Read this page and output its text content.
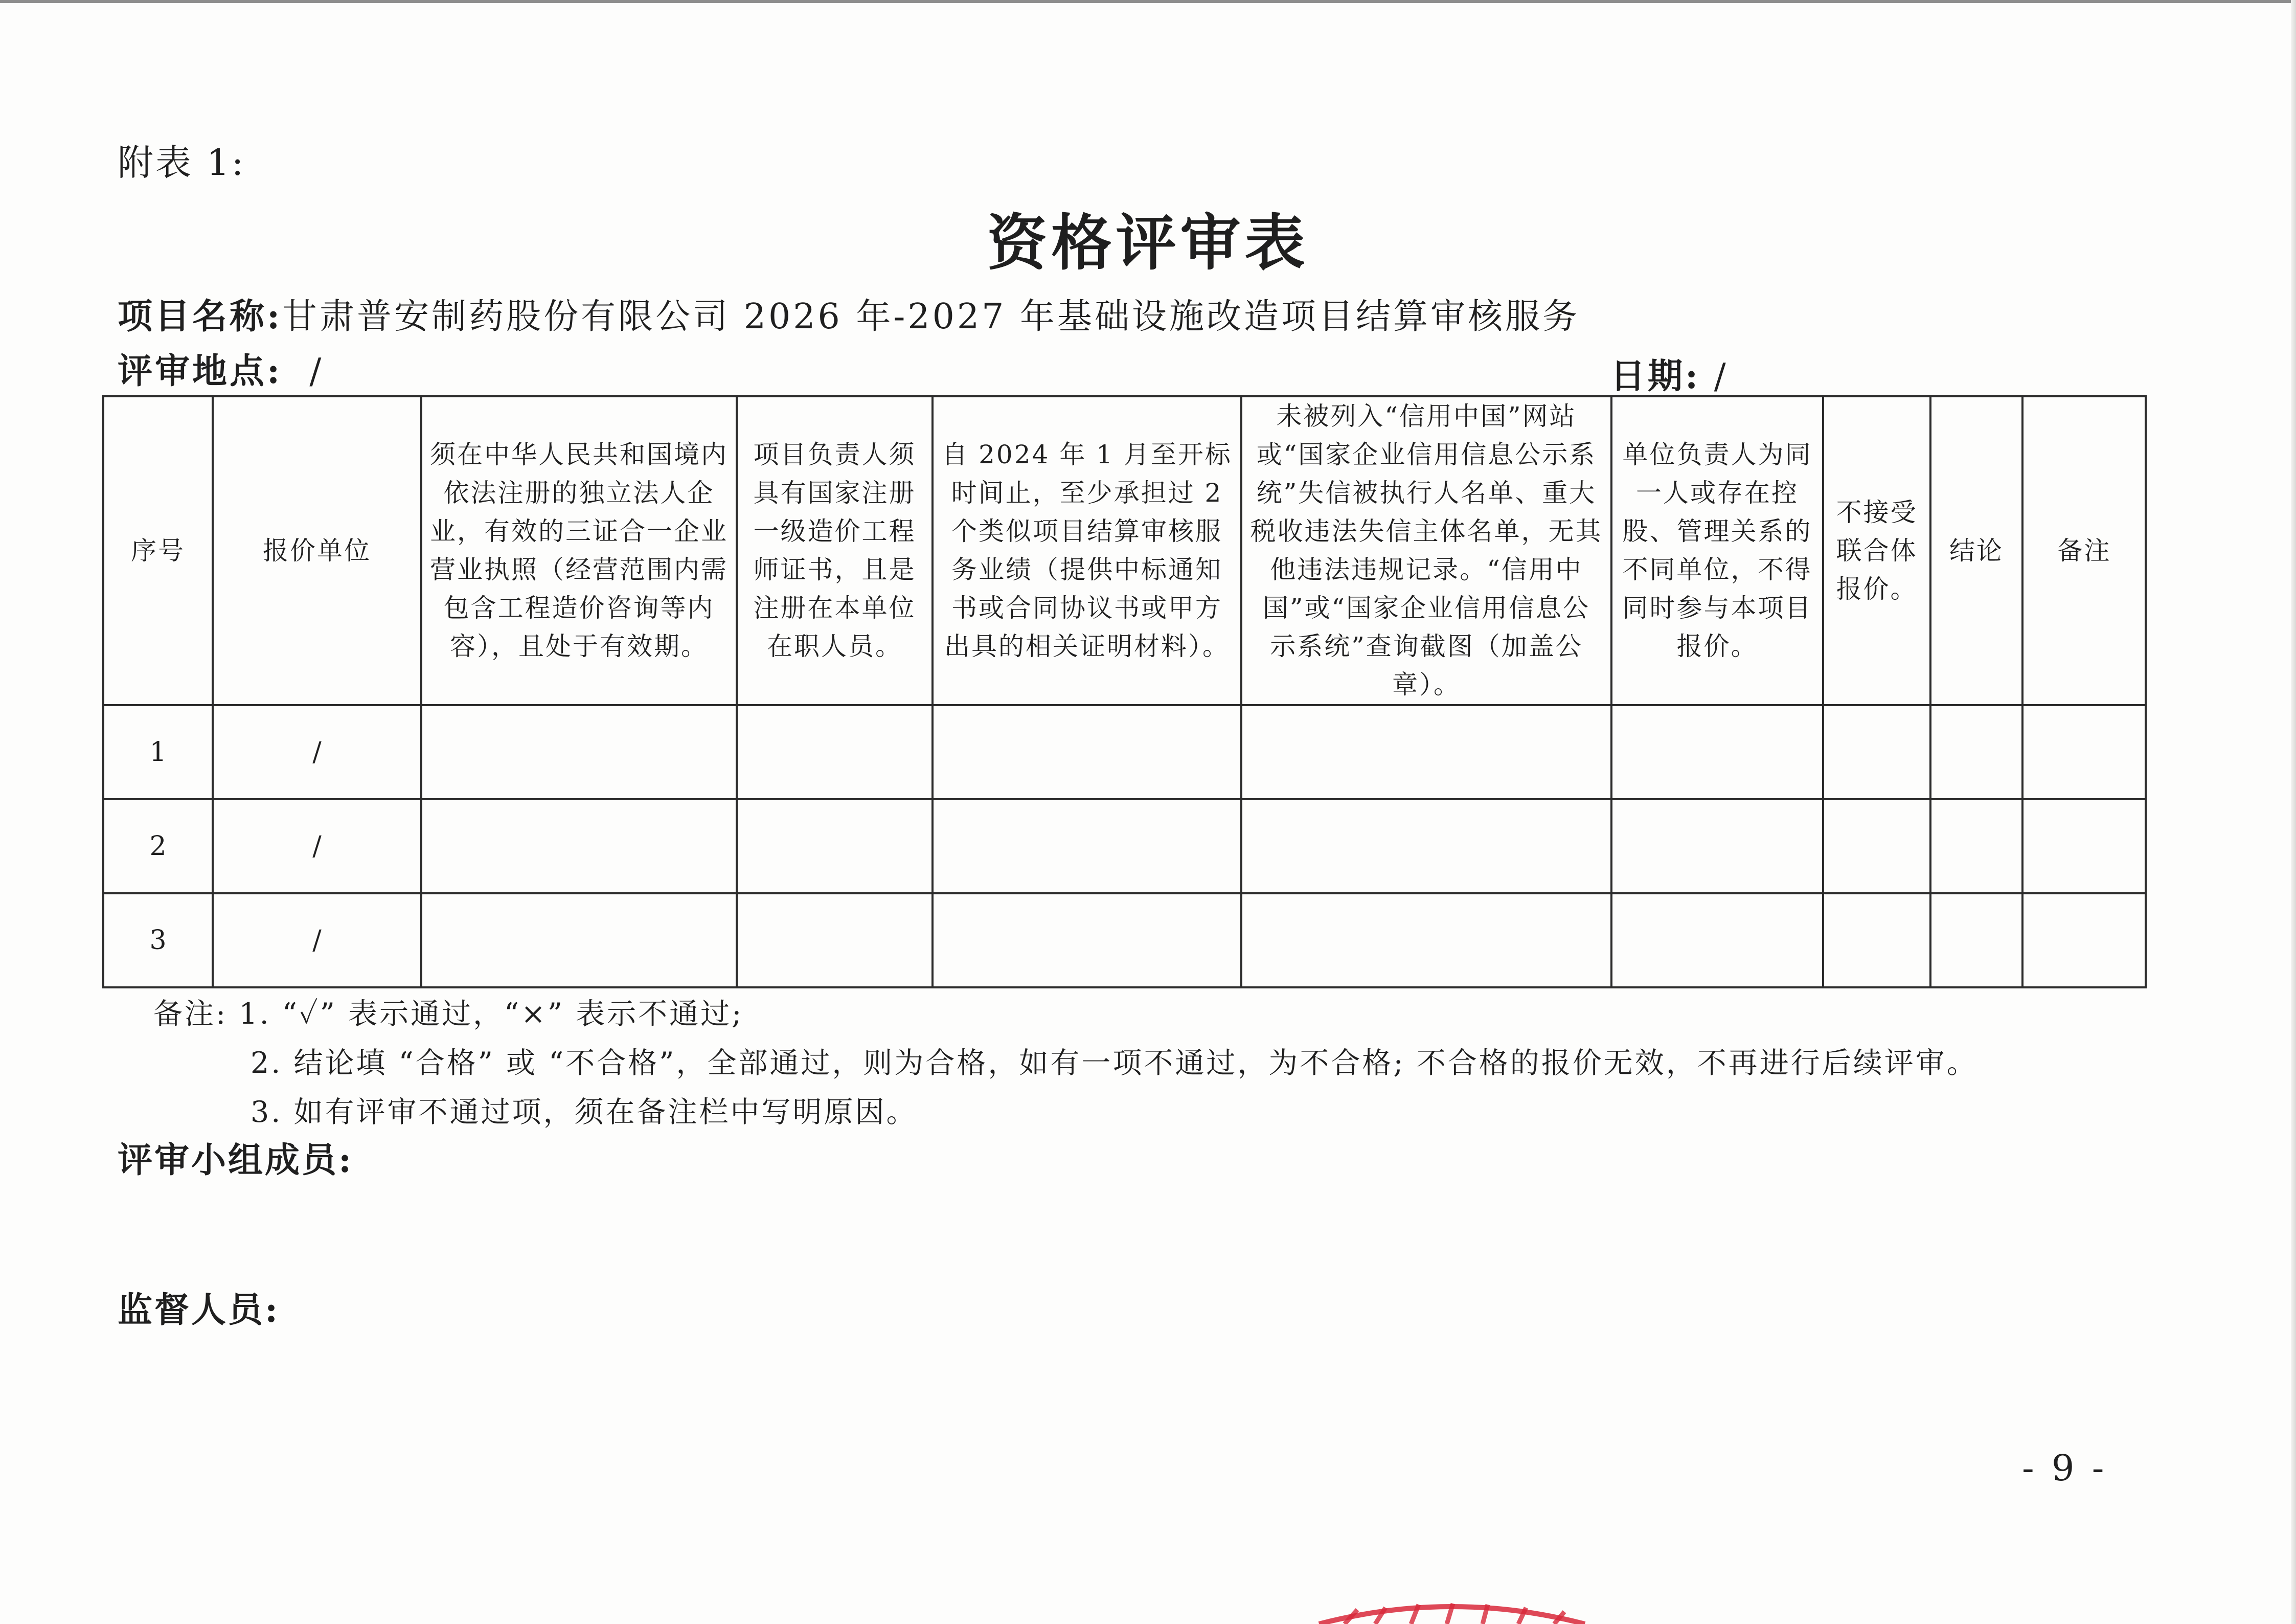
附表 1:
资格评审表
项目名称:甘肃普安制药股份有限公司 2026 年-2027 年基础设施改造项目结算审核服务
评审地点: /	日期: /
序号	报价单位	须在中华人民共和国境内依法注册的独立法人企业，有效的三证合一企业营业执照（经营范围内需包含工程造价咨询等内容），且处于有效期。	项目负责人须具有国家注册一级造价工程师证书，且是注册在本单位在职人员。	自 2024 年 1 月至开标时间止，至少承担过 2 个类似项目结算审核服务业绩（提供中标通知书或合同协议书或甲方出具的相关证明材料）。	未被列入“信用中国”网站或“国家企业信用信息公示系统”失信被执行人名单、重大税收违法失信主体名单，无其他违法违规记录。“信用中国”或“国家企业信用信息公示系统”查询截图（加盖公章）。	单位负责人为同一人或存在控股、管理关系的不同单位，不得同时参与本项目报价。	不接受联合体报价。	结论	备注
1	/								
2	/								
3	/								
备注: 1. “✓” 表示通过，“×” 表示不通过;
2. 结论填 “合格” 或 “不合格”，全部通过，则为合格，如有一项不通过，为不合格; 不合格的报价无效，不再进行后续评审。
3. 如有评审不通过项，须在备注栏中写明原因。
评审小组成员:
监督人员:
- 9 -
